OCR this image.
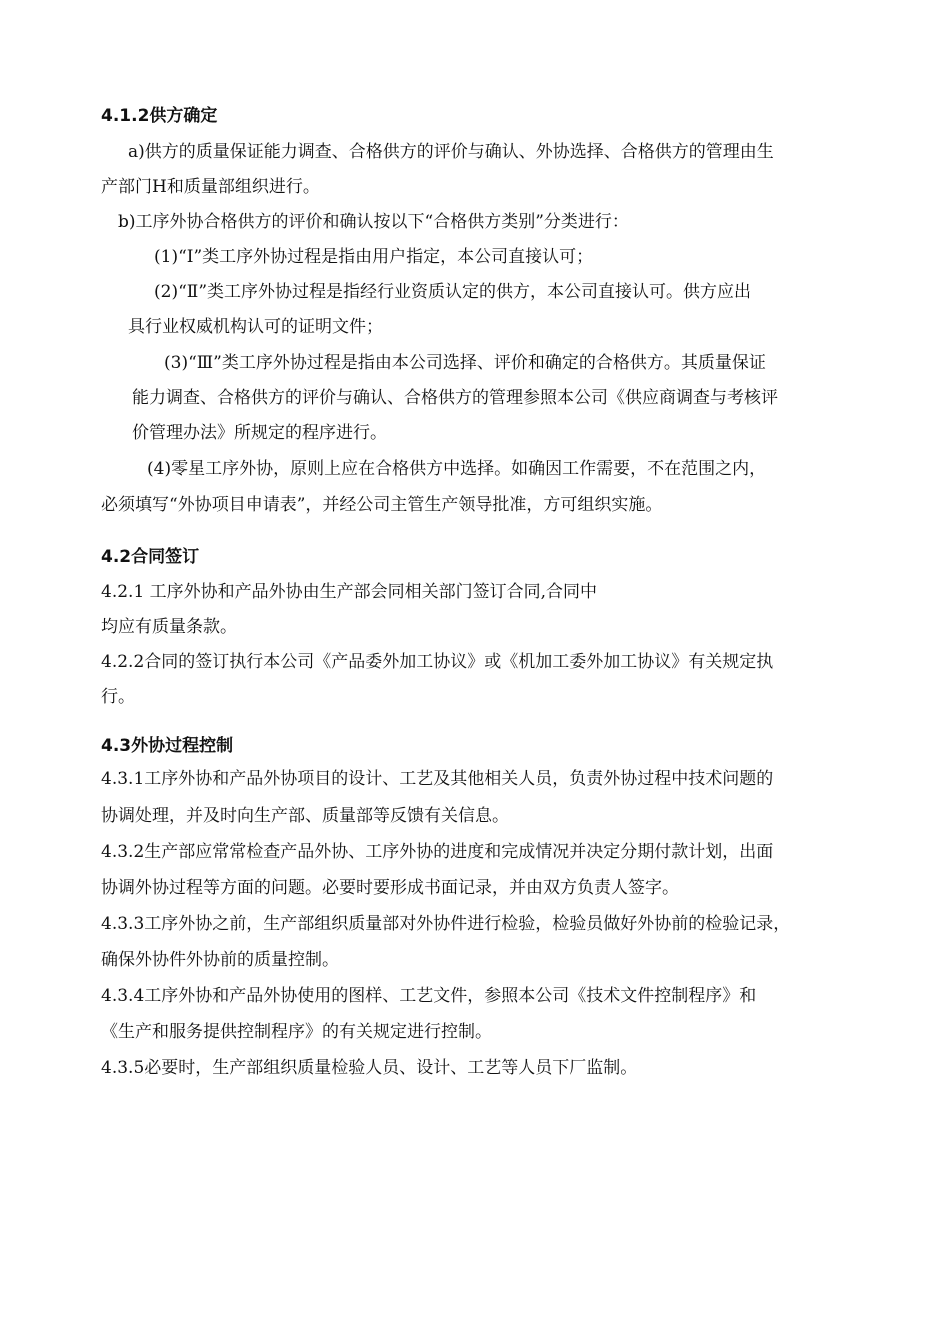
4.1.2供方确定
a)供方的质量保证能力调查、合格供方的评价与确认、外协选择、合格供方的管理由生
产部门H和质量部组织进行。
b)工序外协合格供方的评价和确认按以下“合格供方类别”分类进行：
(1)“Ⅰ”类工序外协过程是指由用户指定，本公司直接认可；
(2)“Ⅱ”类工序外协过程是指经行业资质认定的供方，本公司直接认可。供方应出
具行业权威机构认可的证明文件；
(3)“Ⅲ”类工序外协过程是指由本公司选择、评价和确定的合格供方。其质量保证
能力调查、合格供方的评价与确认、合格供方的管理参照本公司《供应商调查与考核评
价管理办法》所规定的程序进行。
(4)零星工序外协，原则上应在合格供方中选择。如确因工作需要，不在范围之内，
必须填写“外协项目申请表”，并经公司主管生产领导批准，方可组织实施。
4.2合同签订
4.2.1 工序外协和产品外协由生产部会同相关部门签订合同,合同中
均应有质量条款。
4.2.2合同的签订执行本公司《产品委外加工协议》或《机加工委外加工协议》有关规定执
行。
4.3外协过程控制
4.3.1工序外协和产品外协项目的设计、工艺及其他相关人员，负责外协过程中技术问题的
协调处理，并及时向生产部、质量部等反馈有关信息。
4.3.2生产部应常常检查产品外协、工序外协的进度和完成情况并决定分期付款计划，出面
协调外协过程等方面的问题。必要时要形成书面记录，并由双方负责人签字。
4.3.3工序外协之前，生产部组织质量部对外协件进行检验，检验员做好外协前的检验记录，
确保外协件外协前的质量控制。
4.3.4工序外协和产品外协使用的图样、工艺文件，参照本公司《技术文件控制程序》和
《生产和服务提供控制程序》的有关规定进行控制。
4.3.5必要时，生产部组织质量检验人员、设计、工艺等人员下厂监制。
